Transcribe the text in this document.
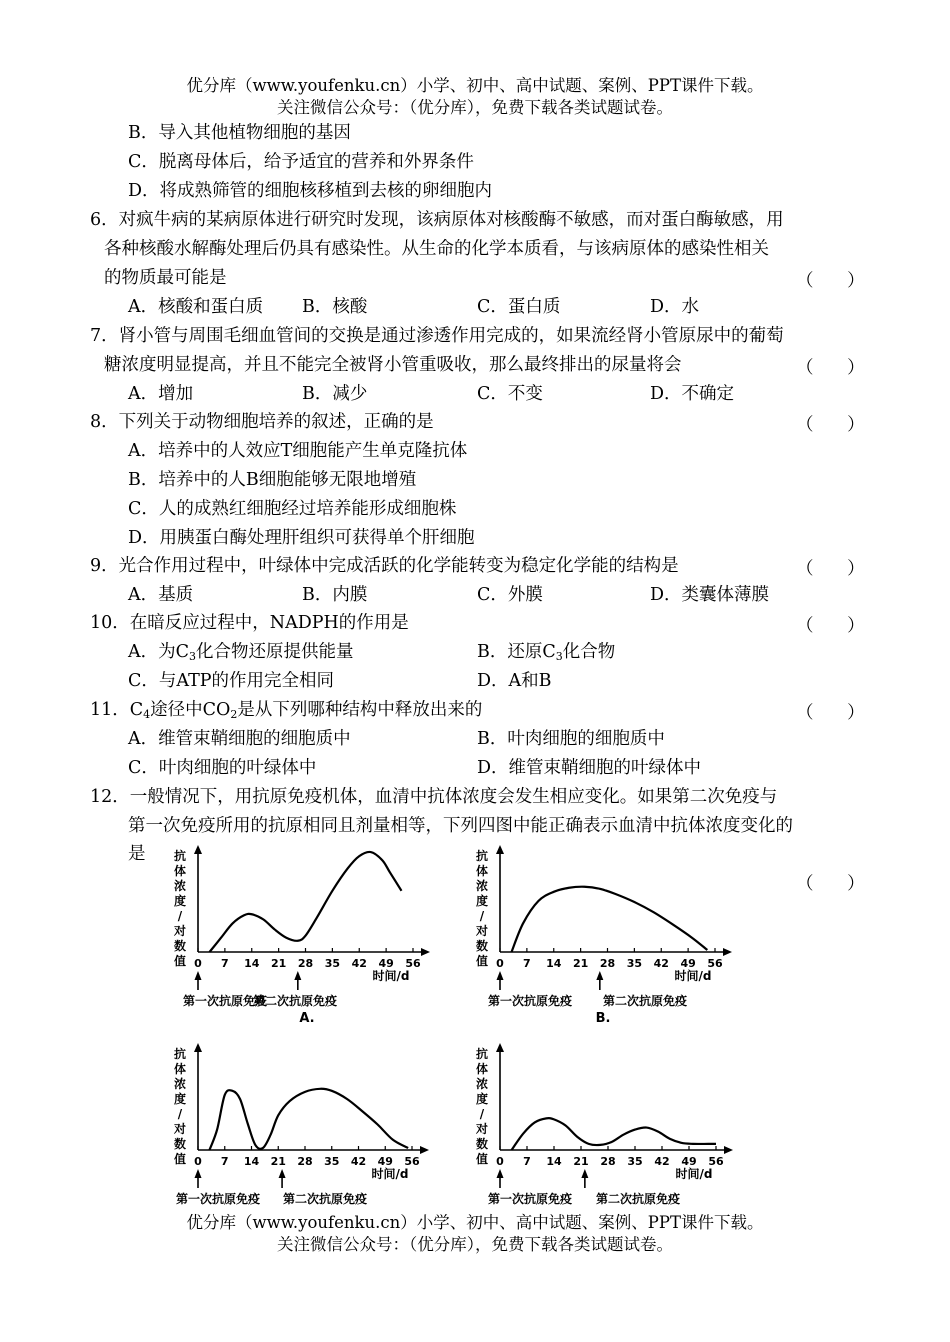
优分库（www.youfenku.cn）小学、初中、高中试题、案例、PPT课件下载。
关注微信公众号：（优分库），免费下载各类试题试卷。
B．导入其他植物细胞的基因
C．脱离母体后，给予适宜的营养和外界条件
D．将成熟筛管的细胞核移植到去核的卵细胞内
6．对疯牛病的某病原体进行研究时发现，该病原体对核酸酶不敏感，而对蛋白酶敏感，用
各种核酸水解酶处理后仍具有感染性。从生命的化学本质看，与该病原体的感染性相关
的物质最可能是	（ ）
A．核酸和蛋白质 B．核酸	C．蛋白质	D．水
7．肾小管与周围毛细血管间的交换是通过渗透作用完成的，如果流经肾小管原尿中的葡萄
糖浓度明显提高，并且不能完全被肾小管重吸收，那么最终排出的尿量将会	（ ）
A．增加	B．减少	C．不变	D．不确定
8．下列关于动物细胞培养的叙述，正确的是	（ ）
A．培养中的人效应T细胞能产生单克隆抗体
B．培养中的人B细胞能够无限地增殖
C．人的成熟红细胞经过培养能形成细胞株
D．用胰蛋白酶处理肝组织可获得单个肝细胞
9．光合作用过程中，叶绿体中完成活跃的化学能转变为稳定化学能的结构是	（ ）
A．基质	B．内膜	C．外膜	D．类囊体薄膜
10．在暗反应过程中，NADPH的作用是	（ ）
A．为$C_3$化合物还原提供能量	B．还原$C_3$化合物
C．与ATP的作用完全相同	D．A和B
11．$C_4$途径中$CO_2$是从下列哪种结构中释放出来的	（ ）
A．维管束鞘细胞的细胞质中	B．叶肉细胞的细胞质中
C．叶肉细胞的叶绿体中	D．维管束鞘细胞的叶绿体中
12．一般情况下，用抗原免疫机体，血清中抗体浓度会发生相应变化。如果第二次免疫与
第一次免疫所用的抗原相同且剂量相等，下列四图中能正确表示血清中抗体浓度变化的
是
（ ）
抗
体
浓
度
/
对
数
值 0 7 14 21 28 35 42 49 56
时间/d
第一次抗原免疫
第二次抗原免疫
A.
抗
体
浓
度
/
对
数
值 0 7 14 21 28 35 42 49 56
时间/d
第一次抗原免疫	第二次抗原免疫
B.
抗
体
浓
度
/
对
数
值 0 7 14 21 28 35 42 49 56
时间/d
第一次抗原免疫 第二次抗原免疫
抗
体
浓
度
/
对
数
值 0 7 14 21 28 35 42 49 56
时间/d
第一次抗原免疫 第二次抗原免疫
优分库（www.youfenku.cn）小学、初中、高中试题、案例、PPT课件下载。
关注微信公众号：（优分库），免费下载各类试题试卷。
